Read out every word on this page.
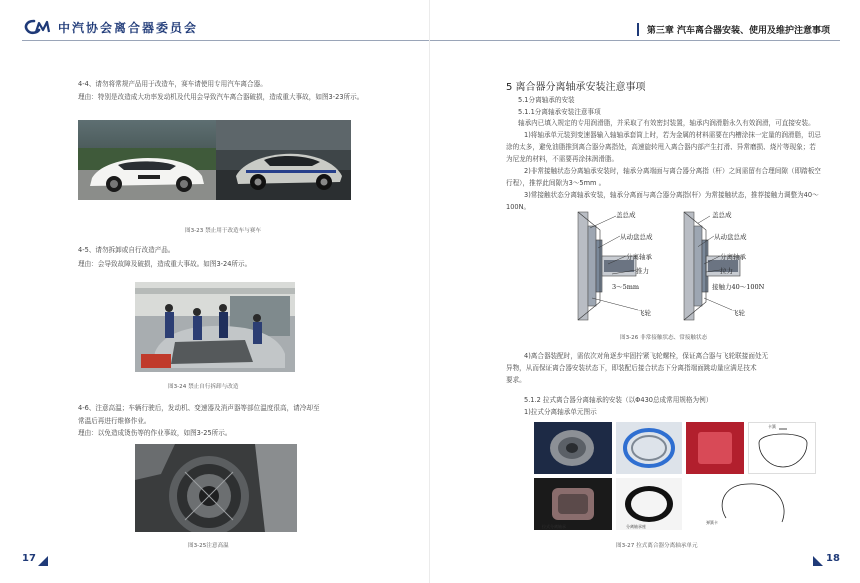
中汽协会离合器委员会
4-4、请勿将常规产品用于改造车，赛车请使用专用汽车离合器。
理由：特别是改造成大功率发动机及代用会导致汽车离合器破损，造成重大事故，如图3-23所示。
图3-23 禁止用于改造车与赛车
4-5、请勿拆卸或自行改造产品。
理由：会导致故障及破损，造成重大事故。如图3-24所示。
图3-24 禁止自行拆卸与改造
4-6、注意高温；车辆行驶后，发动机、变速器及消声器等部位温度很高，请冷却至
常温后再进行维修作业。
理由：以免造成烫伤等的作业事故，如图3-25所示。
图3-25注意高温
17
第三章 汽车离合器安装、使用及维护注意事项
5 离合器分离轴承安装注意事项
5.1分离轴承的安装
5.1.1分离轴承安装注意事项
轴承内已填入规定的专用润滑脂，并采取了有效密封装置，轴承内润滑脂永久有效润滑，可直接安装。
1)将轴承单元装到变速器输入轴轴承套筒上时，若为金属的材料需要在内槽涂抹一定量的润滑脂，切忌
涂的太多，避免油脂推到离合器分离指处，高速旋转甩入离合器内部产生打滑、异常磨损、烧片等现象；若
为尼龙的材料，不需要再涂抹润滑脂。
2)非常接触状态分离轴承安装时，轴承分离端面与离合器分离指（杆）之间需留有合理间隙（即踏板空
行程），推荐此间隙为3～5mm 。
3)常接触状态分离轴承安装，轴承分离面与离合器分离指(杆）为常接触状态，推荐接触力调整为40～
100N。
盖总成
从动盘总成
分离轴承
推力
3～5mm
飞轮
盖总成
从动盘总成
分离轴承
拉力
接触力40～100N
飞轮
图3-26 非常接触状态、常接触状态
4)离合器装配时，需依次对角逐步牢固拧紧飞轮螺栓，保证离合器与飞轮联接面处无
异物，从而保证离合器安装状态下，即装配后接合状态下分离指端面跳动量应满足技术
要求。
5.1.2 拉式离合器分离轴承的安装（以Φ430总成常用规格为例）
1)拉式分离轴承单元图示
卡簧
拉式分离轴承	分离轴承座
弹簧卡
图3-27 拉式离合器分离轴承单元
18
